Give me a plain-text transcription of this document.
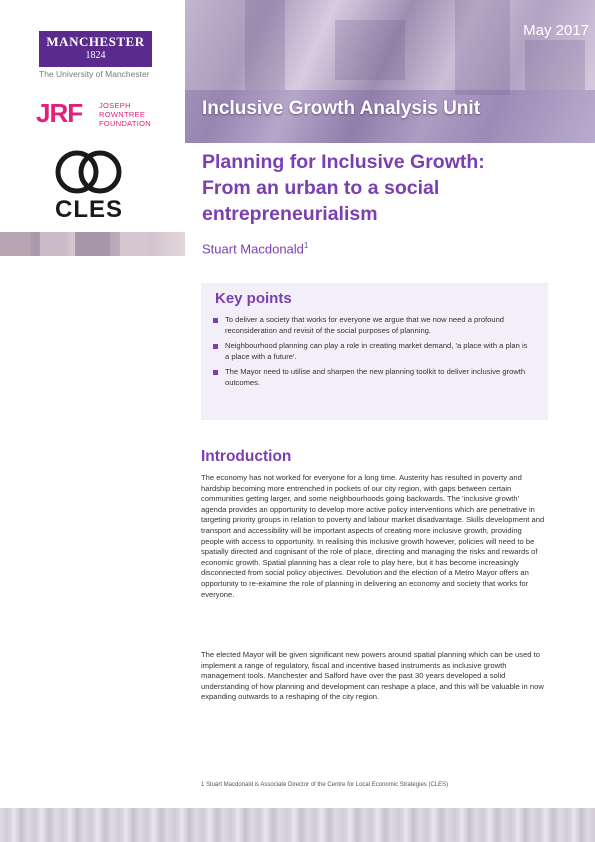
MANCHESTER
1824
The University of Manchester
JRF JOSEPH
ROWNTREE
FOUNDATION
CLES
May 2017
Inclusive Growth Analysis Unit
Planning for Inclusive Growth:
From an urban to a social
entrepreneurialism
Stuart Macdonald$^1$
Key points
To deliver a society that works for everyone we argue that we now need a profound reconsideration and revisit of the social purposes of planning.
Neighbourhood planning can play a role in creating market demand, 'a place with a plan is a place with a future'.
The Mayor need to utilise and sharpen the new planning toolkit to deliver inclusive growth outcomes.
Introduction

The economy has not worked for everyone for a long time. Austerity has resulted in poverty and hardship becoming more entrenched in pockets of our city region, with gaps between certain communities getting larger, and some neighbourhoods going backwards. The 'inclusive growth' agenda provides an opportunity to develop more active policy interventions which are penetrative in targeting priority groups in relation to poverty and labour market disadvantage. Skills development and transport and accessibility will be important aspects of creating more inclusive growth, providing people with access to opportunity. In realising this inclusive growth however, policies will need to be spatially directed and cognisant of the role of place, directing and managing the risks and rewards of economic growth. Spatial planning has a clear role to play here, but it has become increasingly disconnected from social policy objectives. Devolution and the election of a Metro Mayor offers an opportunity to re-examine the role of planning in delivering an economy and society that works for everyone.

The elected Mayor will be given significant new powers around spatial planning which can be used to implement a range of regulatory, fiscal and incentive based instruments as inclusive growth management tools. Manchester and Salford have over the past 30 years developed a solid understanding of how planning and development can reshape a place, and this will be valuable in now expanding outwards to a reshaping of the city region.

1 Stuart Macdonald is Associate Director of the Centre for Local Economic Strategies (CLES)
